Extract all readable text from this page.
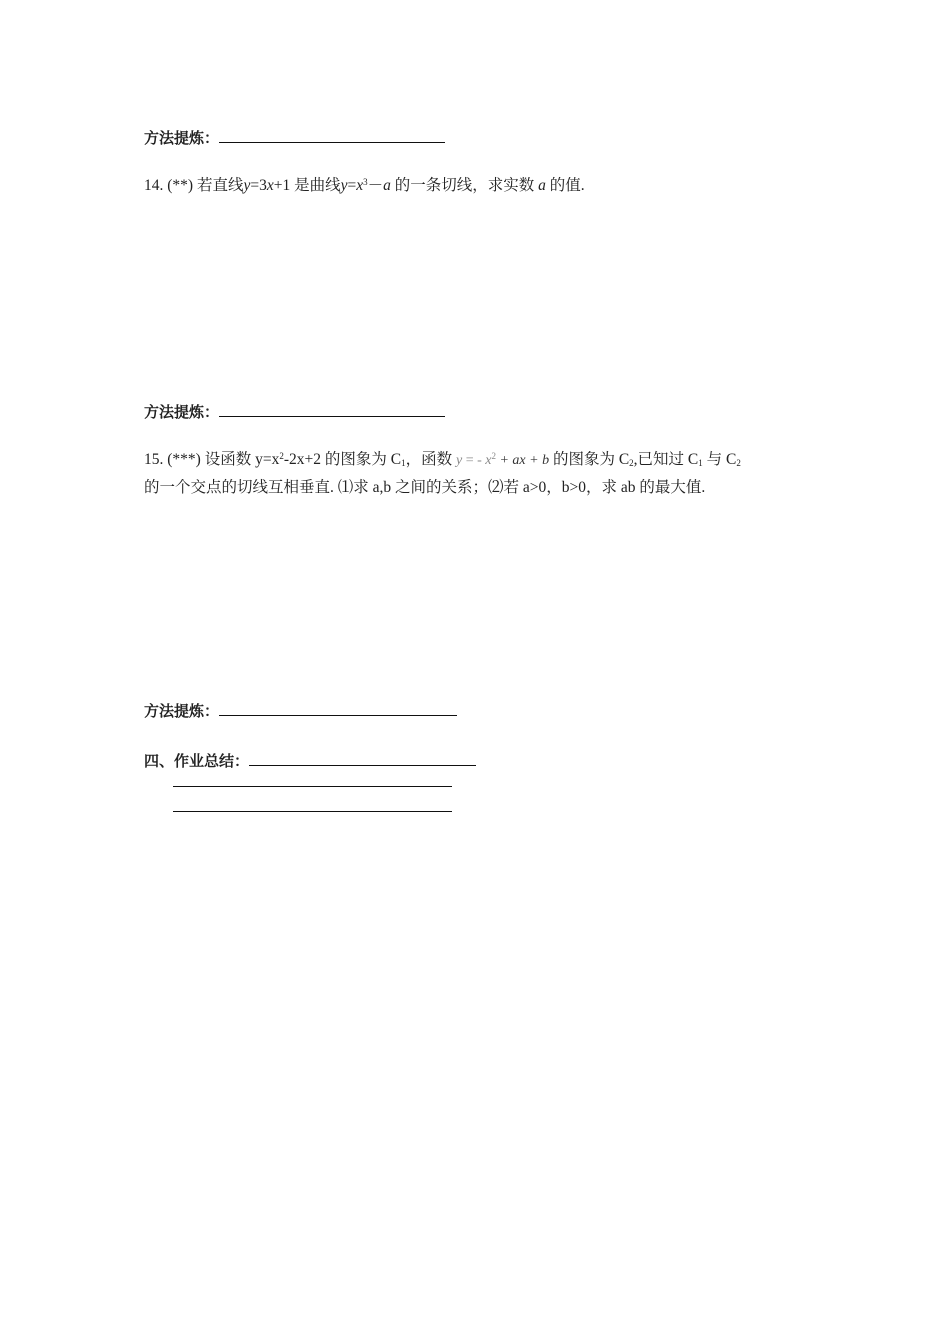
方法提炼：
14. (**) 若直线y=3x+1 是曲线$y=x^3-a$ 的一条切线，求实数 a 的值.
方法提炼：
15. (***) 设函数 $y=x^2-2x+2$ 的图象为 $C_1$，函数 y = - $x^2$ + ax + b 的图象为 $C_2$,已知过 $C_1$ 与 $C_2$
的一个交点的切线互相垂直. ⑴求 a,b 之间的关系；⑵若 a>0，b>0，求 ab 的最大值.
方法提炼：
四、作业总结：
